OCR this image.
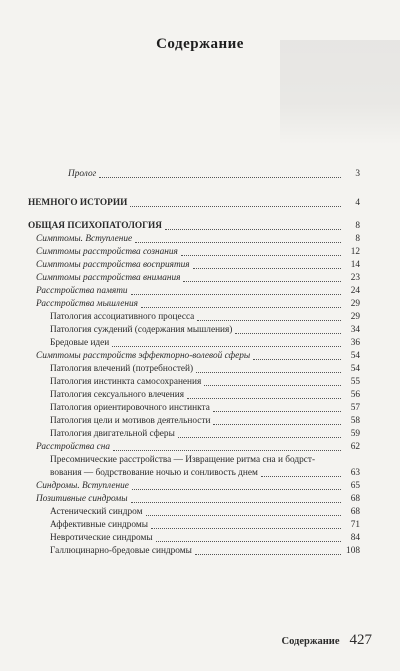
Содержание
Пролог	3
НЕМНОГО ИСТОРИИ	4
ОБЩАЯ ПСИХОПАТОЛОГИЯ	8
Симптомы. Вступление	8
Симптомы расстройства сознания	12
Симптомы расстройства восприятия	14
Симптомы расстройства внимания	23
Расстройства памяти	24
Расстройства мышления	29
Патология ассоциативного процесса	29
Патология суждений (содержания мышления)	34
Бредовые идеи	36
Симптомы расстройств эффекторно-волевой сферы	54
Патология влечений (потребностей)	54
Патология инстинкта самосохранения	55
Патология сексуального влечения	56
Патология ориентировочного инстинкта	57
Патология цели и мотивов деятельности	58
Патология двигательной сферы	59
Расстройства сна	62
Пресомнические расстройства — Извращение ритма сна и бодрст-
вования — бодрствование ночью и сонливость днем	63
Синдромы. Вступление	65
Позитивные синдромы	68
Астенический синдром	68
Аффективные синдромы	71
Невротические синдромы	84
Галлюцинарно-бредовые синдромы	108
Содержание 427
